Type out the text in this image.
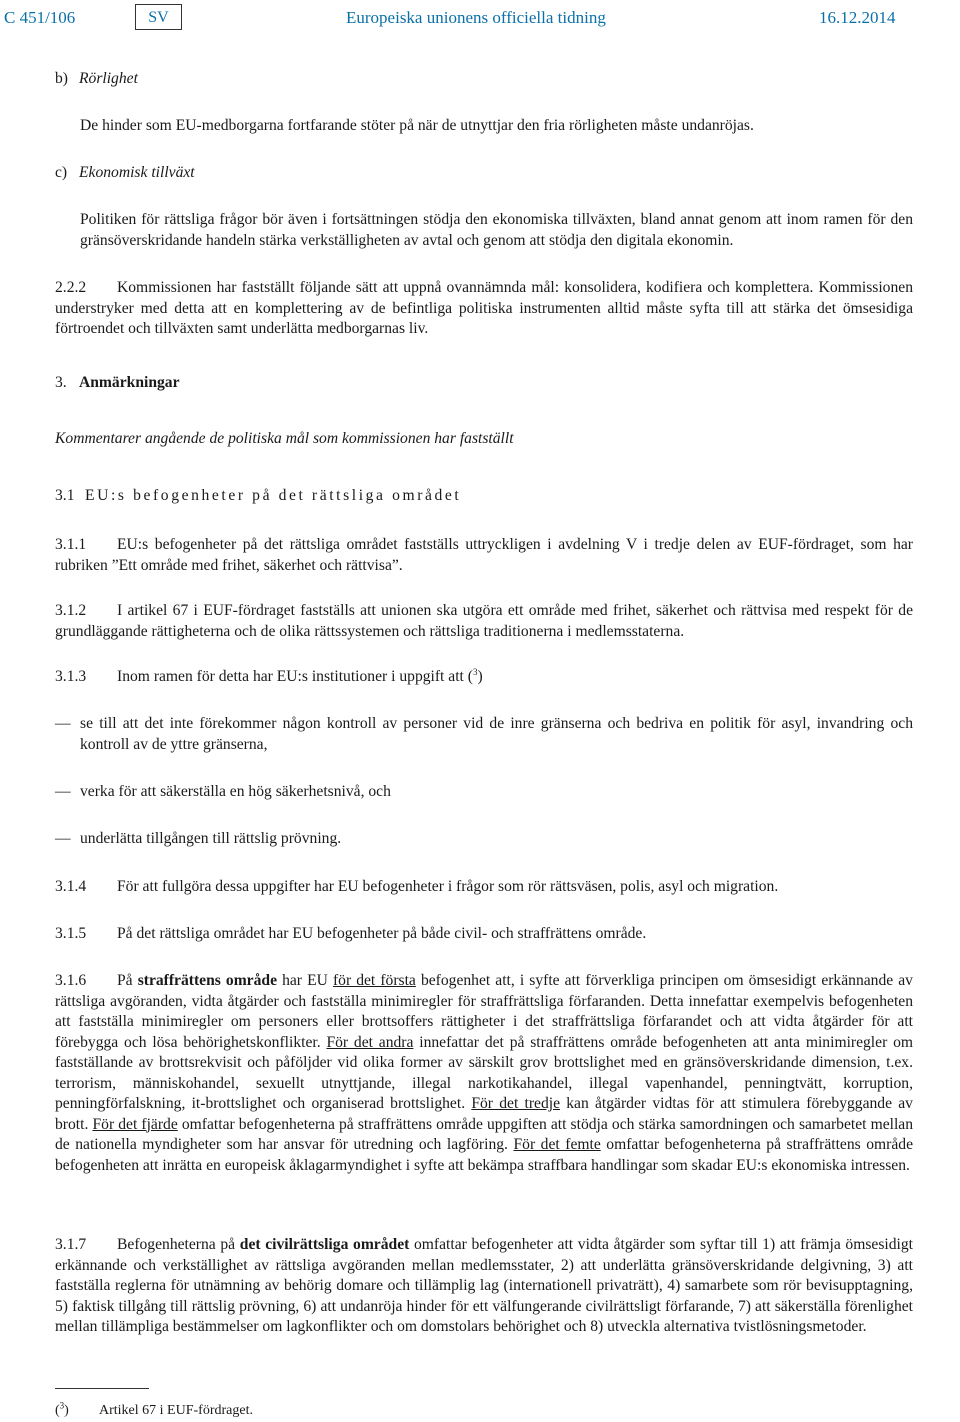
C 451/106	SV	Europeiska unionens officiella tidning	16.12.2014
b) Rörlighet

De hinder som EU-medborgarna fortfarande stöter på när de utnyttjar den fria rörligheten måste undanröjas.

c) Ekonomisk tillväxt

Politiken för rättsliga frågor bör även i fortsättningen stödja den ekonomiska tillväxten, bland annat genom att inom ramen för den gränsöverskridande handeln stärka verkställigheten av avtal och genom att stödja den digitala ekonomin.

2.2.2 Kommissionen har fastställt följande sätt att uppnå ovannämnda mål: konsolidera, kodifiera och komplettera. Kommissionen understryker med detta att en komplettering av de befintliga politiska instrumenten alltid måste syfta till att stärka det ömsesidiga förtroendet och tillväxten samt underlätta medborgarnas liv.

3. Anmärkningar
Kommentarer angående de politiska mål som kommissionen har fastställt
3.1 EU:s befogenheter på det rättsliga området

3.1.1 EU:s befogenheter på det rättsliga området fastställs uttryckligen i avdelning V i tredje delen av EUF-fördraget, som har rubriken ”Ett område med frihet, säkerhet och rättvisa”.

3.1.2 I artikel 67 i EUF-fördraget fastställs att unionen ska utgöra ett område med frihet, säkerhet och rättvisa med respekt för de grundläggande rättigheterna och de olika rättssystemen och rättsliga traditionerna i medlemsstaterna.

3.1.3 Inom ramen för detta har EU:s institutioner i uppgift att ($^3$)

— se till att det inte förekommer någon kontroll av personer vid de inre gränserna och bedriva en politik för asyl, invandring och kontroll av de yttre gränserna,

— verka för att säkerställa en hög säkerhetsnivå, och

— underlätta tillgången till rättslig prövning.

3.1.4 För att fullgöra dessa uppgifter har EU befogenheter i frågor som rör rättsväsen, polis, asyl och migration.

3.1.5 På det rättsliga området har EU befogenheter på både civil- och straffrättens område.

3.1.6 På straffrättens område har EU för det första befogenhet att, i syfte att förverkliga principen om ömsesidigt erkännande av rättsliga avgöranden, vidta åtgärder och fastställa minimiregler för straffrättsliga förfaranden. Detta innefattar exempelvis befogenheten att fastställa minimiregler om personers eller brottsoffers rättigheter i det straffrättsliga förfarandet och att vidta åtgärder för att förebygga och lösa behörighetskonflikter. För det andra innefattar det på straffrättens område befogenheten att anta minimiregler om fastställande av brottsrekvisit och påföljder vid olika former av särskilt grov brottslighet med en gränsöverskridande dimension, t.ex. terrorism, människohandel, sexuellt utnyttjande, illegal narkotikahandel, illegal vapenhandel, penningtvätt, korruption, penningförfalskning, it-brottslighet och organiserad brottslighet. För det tredje kan åtgärder vidtas för att stimulera förebyggande av brott. För det fjärde omfattar befogenheterna på straffrättens område uppgiften att stödja och stärka samordningen och samarbetet mellan de nationella myndigheter som har ansvar för utredning och lagföring. För det femte omfattar befogenheterna på straffrättens område befogenheten att inrätta en europeisk åklagarmyndighet i syfte att bekämpa straffbara handlingar som skadar EU:s ekonomiska intressen.

3.1.7 Befogenheterna på det civilrättsliga området omfattar befogenheter att vidta åtgärder som syftar till 1) att främja ömsesidigt erkännande och verkställighet av rättsliga avgöranden mellan medlemsstater, 2) att underlätta gränsöverskridande delgivning, 3) att fastställa reglerna för utnämning av behörig domare och tillämplig lag (internationell privaträtt), 4) samarbete som rör bevisupptagning, 5) faktisk tillgång till rättslig prövning, 6) att undanröja hinder för ett välfungerande civilrättsligt förfarande, 7) att säkerställa förenlighet mellan tillämpliga bestämmelser om lagkonflikter och om domstolars behörighet och 8) utveckla alternativa tvistlösningsmetoder.

($^3$) Artikel 67 i EUF-fördraget.
